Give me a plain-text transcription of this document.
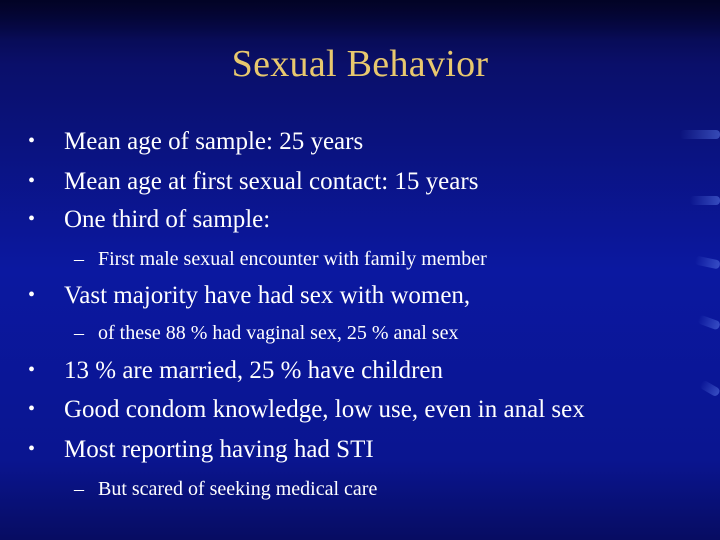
Sexual Behavior
• Mean age of sample: 25 years
• Mean age at first sexual contact: 15 years
• One third of sample:
– First male sexual encounter with family member
• Vast majority have had sex with women,
– of these 88 % had vaginal sex, 25 % anal sex
• 13 % are married, 25 % have children
• Good condom knowledge, low use, even in anal sex
• Most reporting having had STI
– But scared of seeking medical care
